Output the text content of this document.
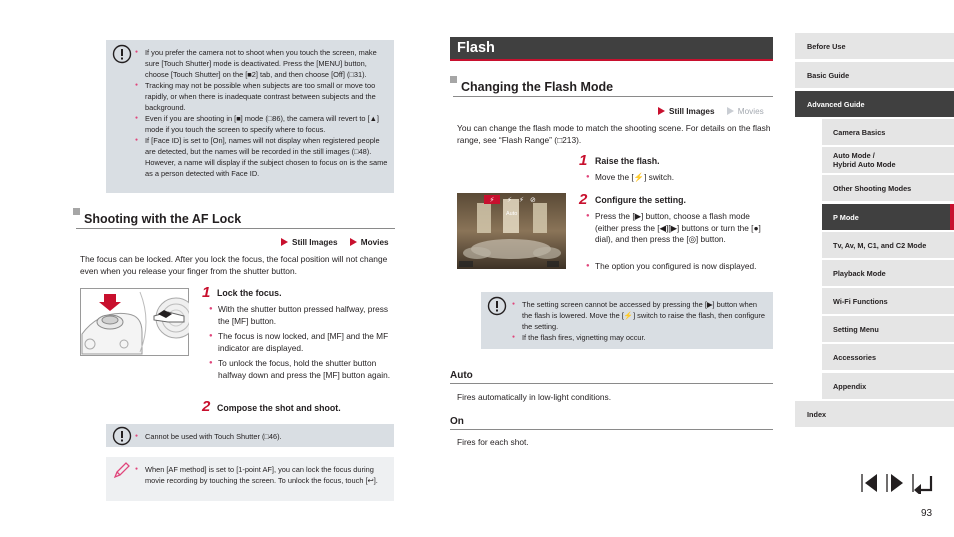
● If you prefer the camera not to shoot when you touch the screen, make sure [Touch Shutter] mode is deactivated. Press the [MENU] button, choose [Touch Shutter] on the [■2] tab, and then choose [Off] (□31).
● Tracking may not be possible when subjects are too small or move too rapidly, or when there is inadequate contrast between subjects and the background.
● Even if you are shooting in [■] mode (□86), the camera will revert to [▲] mode if you touch the screen to specify where to focus.
● If [Face ID] is set to [On], names will not display when registered people are detected, but the names will be recorded in the still images (□48). However, a name will display if the subject chosen to focus on is the same as a person detected with Face ID.
Shooting with the AF Lock
Still Images	Movies
The focus can be locked. After you lock the focus, the focal position will not change even when you release your finger from the shutter button.
1 Lock the focus.
● With the shutter button pressed halfway, press the [MF] button.
● The focus is now locked, and [MF] and the MF indicator are displayed.
● To unlock the focus, hold the shutter button halfway down and press the [MF] button again.
2 Compose the shot and shoot.
● Cannot be used with Touch Shutter (□46).
● When [AF method] is set to [1-point AF], you can lock the focus during movie recording by touching the screen. To unlock the focus, touch [↩].
Flash
Changing the Flash Mode
Still Images	Movies
You can change the flash mode to match the shooting scene. For details on the flash range, see “Flash Range” (□213).
1 Raise the flash.
● Move the [⚡] switch.
⚡ ⚡ ⚡ ⊘
Auto
2 Configure the setting.
● Press the [▶] button, choose a flash mode (either press the [◀][▶] buttons or turn the [●] dial), and then press the [◎] button.
● The option you configured is now displayed.
● The setting screen cannot be accessed by pressing the [▶] button when the flash is lowered. Move the [⚡] switch to raise the flash, then configure the setting.
● If the flash fires, vignetting may occur.
Auto
Fires automatically in low-light conditions.
On
Fires for each shot.
Before Use
Basic Guide
Advanced Guide
Camera Basics
Auto Mode /
Hybrid Auto Mode
Other Shooting Modes
P Mode
Tv, Av, M, C1, and C2 Mode
Playback Mode
Wi-Fi Functions
Setting Menu
Accessories
Appendix
Index
93
